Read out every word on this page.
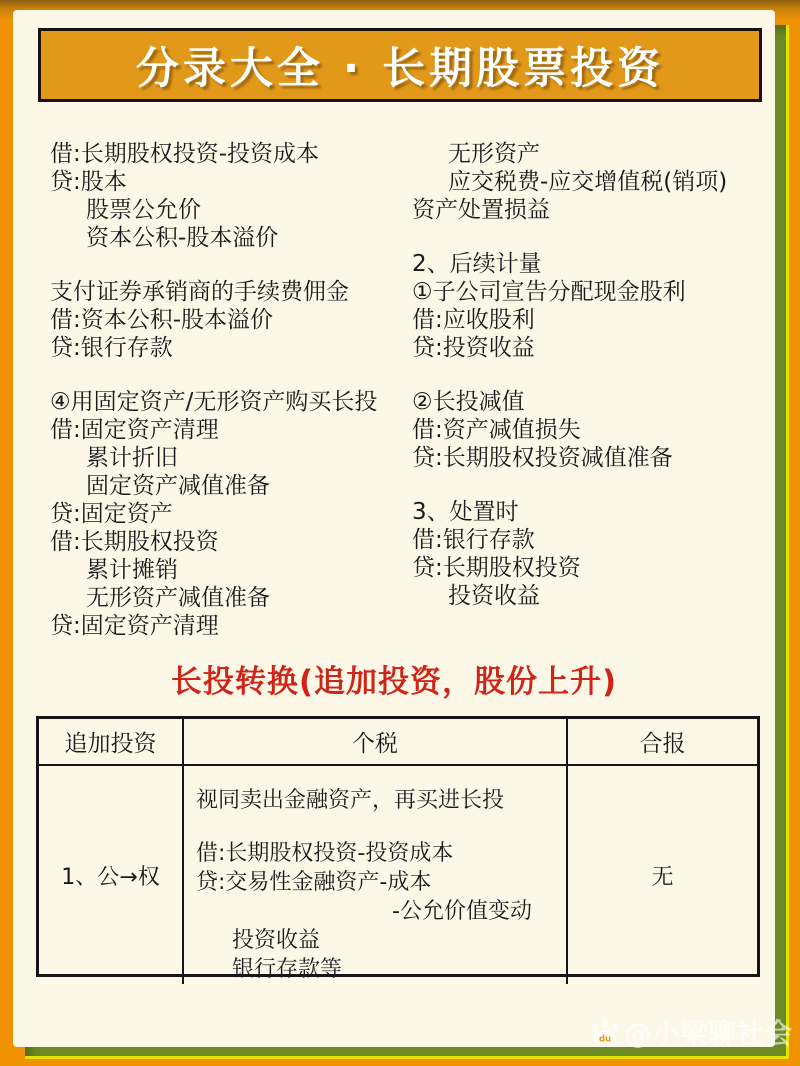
分录大全 · 长期股票投资
借:长期股权投资-投资成本
贷:股本
股票公允价
资本公积-股本溢价
支付证券承销商的手续费佣金
借:资本公积-股本溢价
贷:银行存款
④用固定资产/无形资产购买长投
借:固定资产清理
累计折旧
固定资产减值准备
贷:固定资产
借:长期股权投资
累计摊销
无形资产减值准备
贷:固定资产清理
无形资产
应交税费-应交增值税(销项)
资产处置损益
2、后续计量
①子公司宣告分配现金股利
借:应收股利
贷:投资收益
②长投减值
借:资产减值损失
贷:长期股权投资减值准备
3、处置时
借:银行存款
贷:长期股权投资
投资收益
长投转换(追加投资，股份上升)
追加投资	个税	合报
1、公→权
视同卖出金融资产，再买进长投
借:长期股权投资-投资成本
贷:交易性金融资产-成本
-公允价值变动
投资收益
银行存款等
无
du @小梁聊社会
